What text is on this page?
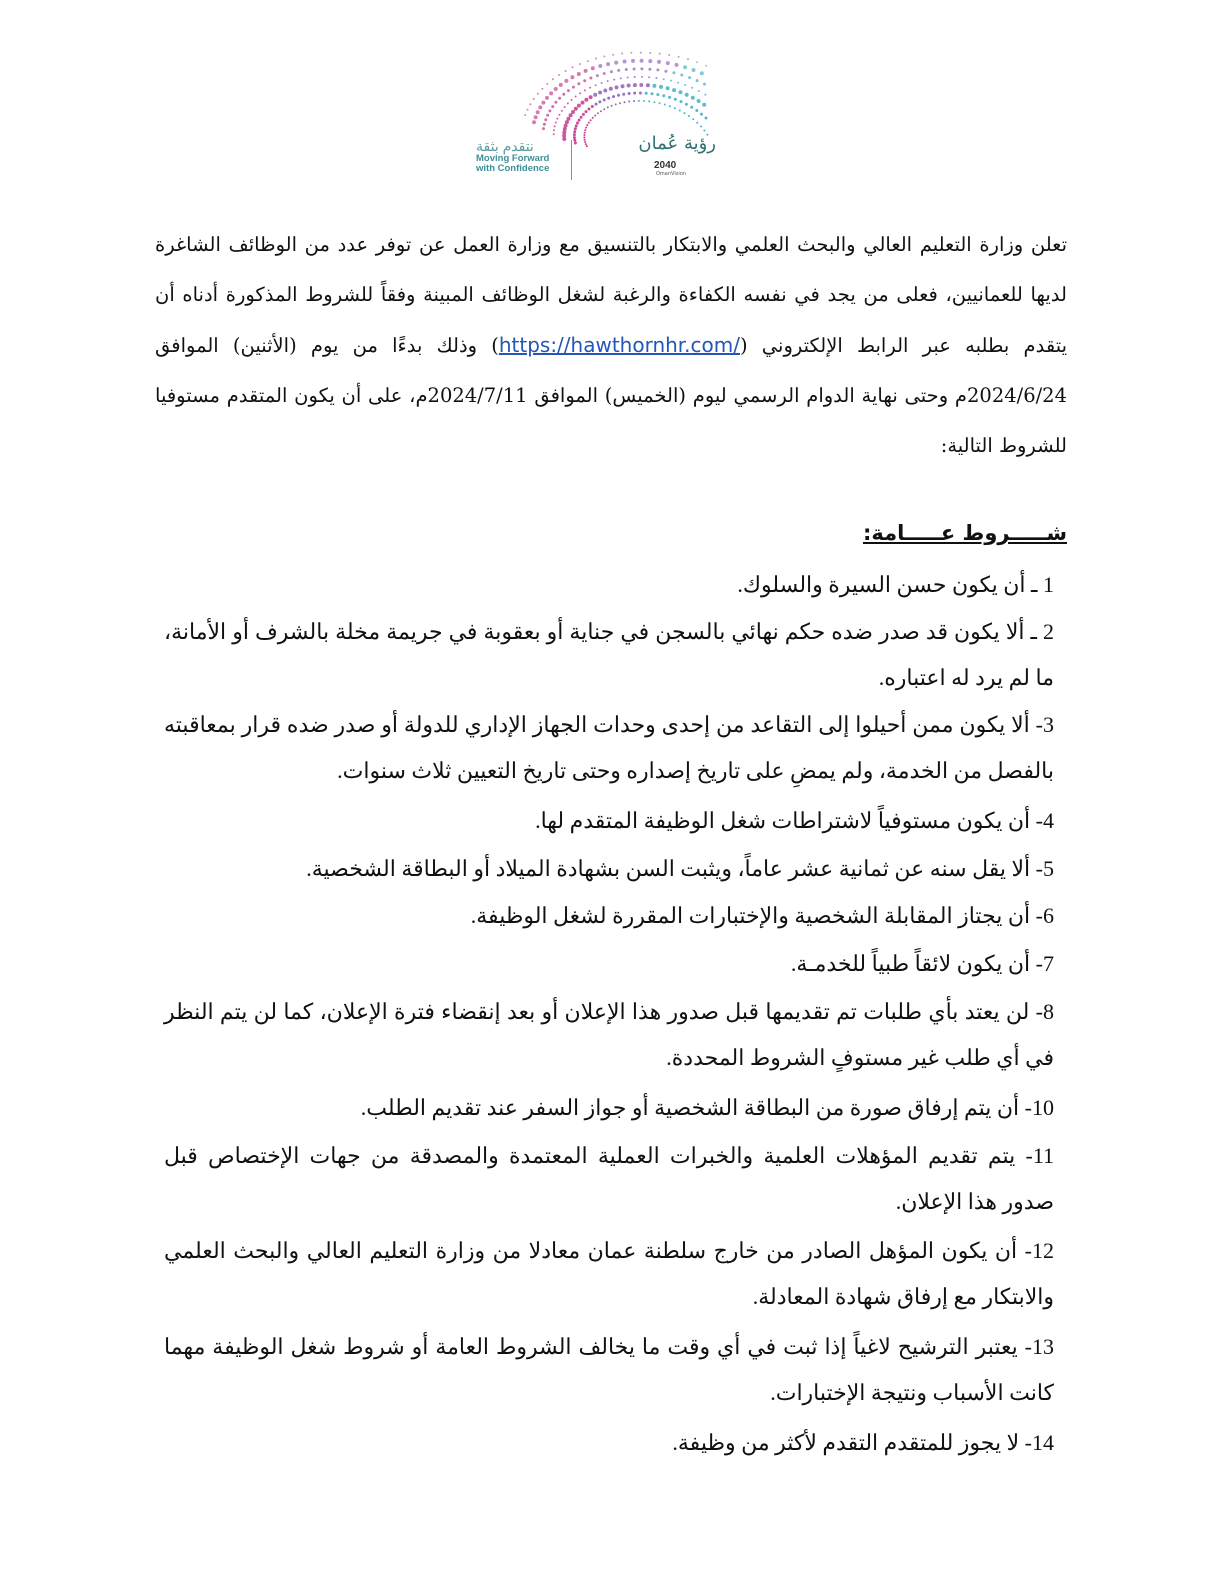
نتقدم بثقة
Moving Forward
with Confidence
رؤية عُمان
2040
OmanVision
تعلن وزارة التعليم العالي والبحث العلمي والابتكار بالتنسيق مع وزارة العمل عن توفر عدد من الوظائف الشاغرة لديها للعمانيين، فعلى من يجد في نفسه الكفاءة والرغبة لشغل الوظائف المبينة وفقاً للشروط المذكورة أدناه أن يتقدم بطلبه عبر الرابط الإلكتروني (https://hawthornhr.com/) وذلك بدءًا من يوم (الأثنين) الموافق 2024/6/24م وحتى نهاية الدوام الرسمي ليوم (الخميس) الموافق 2024/7/11م، على أن يكون المتقدم مستوفيا للشروط التالية:
شـــــروط عـــــامة:
1 ـ أن يكون حسن السيرة والسلوك.
2 ـ ألا يكون قد صدر ضده حكم نهائي بالسجن في جناية أو بعقوبة في جريمة مخلة بالشرف أو الأمانة، ما لم يرد له اعتباره.
3- ألا يكون ممن أحيلوا إلى التقاعد من إحدى وحدات الجهاز الإداري للدولة أو صدر ضده قرار بمعاقبته بالفصل من الخدمة، ولم يمضِ على تاريخ إصداره وحتى تاريخ التعيين ثلاث سنوات.
4- أن يكون مستوفياً لاشتراطات شغل الوظيفة المتقدم لها.
5- ألا يقل سنه عن ثمانية عشر عاماً، ويثبت السن بشهادة الميلاد أو البطاقة الشخصية.
6- أن يجتاز المقابلة الشخصية والإختبارات المقررة لشغل الوظيفة.
7- أن يكون لائقاً طبياً للخدمـة.
8- لن يعتد بأي طلبات تم تقديمها قبل صدور هذا الإعلان أو بعد إنقضاء فترة الإعلان، كما لن يتم النظر في أي طلب غير مستوفٍ الشروط المحددة.
10- أن يتم إرفاق صورة من البطاقة الشخصية أو جواز السفر عند تقديم الطلب.
11- يتم تقديم المؤهلات العلمية والخبرات العملية المعتمدة والمصدقة من جهات الإختصاص قبل صدور هذا الإعلان.
12- أن يكون المؤهل الصادر من خارج سلطنة عمان معادلا من وزارة التعليم العالي والبحث العلمي والابتكار مع إرفاق شهادة المعادلة.
13- يعتبر الترشيح لاغياً إذا ثبت في أي وقت ما يخالف الشروط العامة أو شروط شغل الوظيفة مهما كانت الأسباب ونتيجة الإختبارات.
14- لا يجوز للمتقدم التقدم لأكثر من وظيفة.
